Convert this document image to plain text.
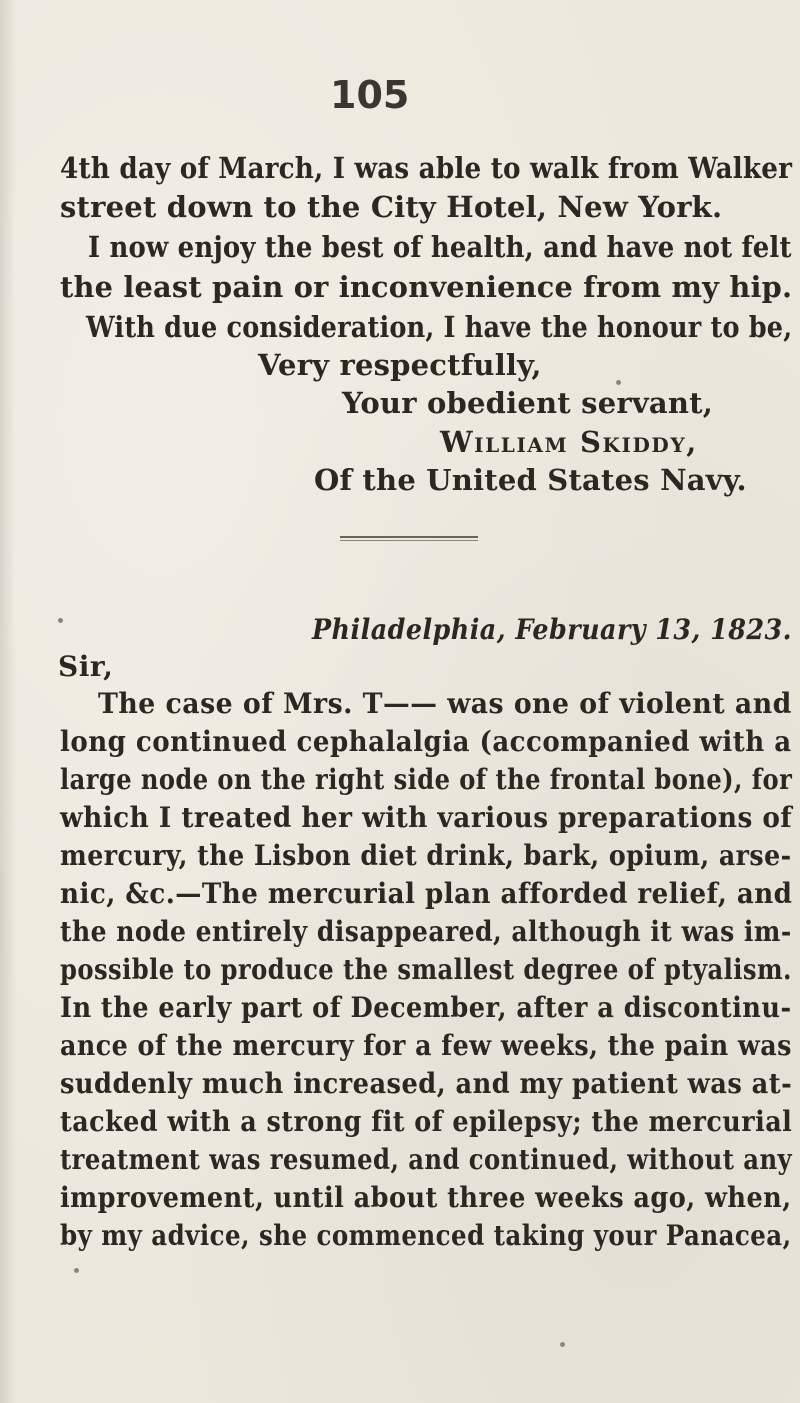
105
4th day of March, I was able to walk from Walker
street down to the City Hotel, New York.
I now enjoy the best of health, and have not felt
the least pain or inconvenience from my hip.
With due consideration, I have the honour to be,
Very respectfully,
Your obedient servant,
William Skiddy,
Of the United States Navy.
Philadelphia, February 13, 1823.
Sir,
The case of Mrs. T—— was one of violent and
long continued cephalalgia (accompanied with a
large node on the right side of the frontal bone), for
which I treated her with various preparations of
mercury, the Lisbon diet drink, bark, opium, arse-
nic, &c.—The mercurial plan afforded relief, and
the node entirely disappeared, although it was im-
possible to produce the smallest degree of ptyalism.
In the early part of December, after a discontinu-
ance of the mercury for a few weeks, the pain was
suddenly much increased, and my patient was at-
tacked with a strong fit of epilepsy; the mercurial
treatment was resumed, and continued, without any
improvement, until about three weeks ago, when,
by my advice, she commenced taking your Panacea,
